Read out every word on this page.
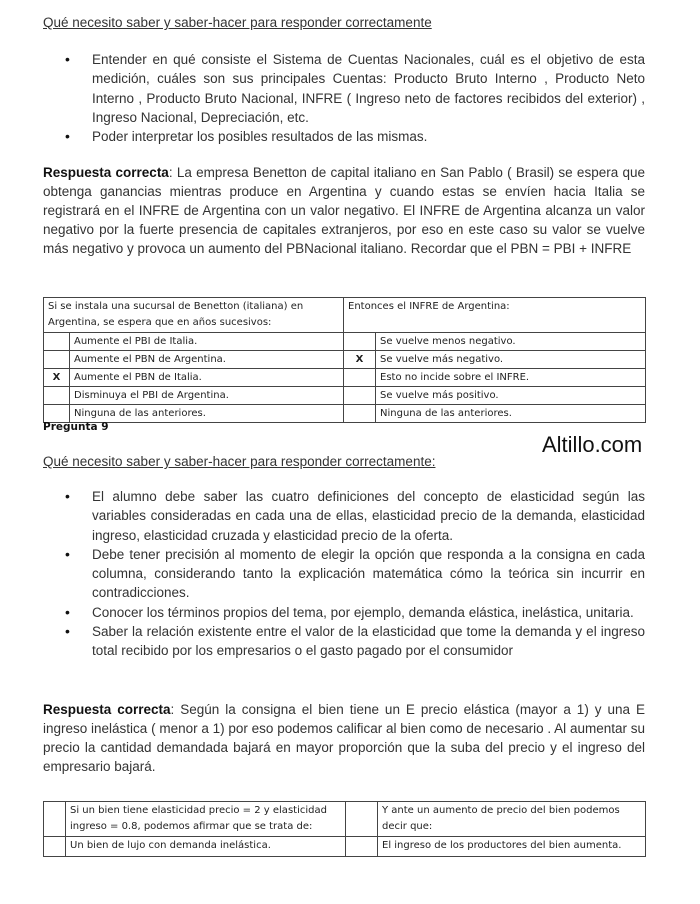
Qué necesito saber y saber-hacer para responder correctamente
• Entender en qué consiste el Sistema de Cuentas Nacionales, cuál es el objetivo de esta medición, cuáles son sus principales Cuentas: Producto Bruto Interno , Producto Neto Interno , Producto Bruto Nacional, INFRE ( Ingreso neto de factores recibidos del exterior) , Ingreso Nacional, Depreciación, etc.
• Poder interpretar los posibles resultados de las mismas.
Respuesta correcta: La empresa Benetton de capital italiano en San Pablo ( Brasil) se espera que obtenga ganancias mientras produce en Argentina y cuando estas se envíen hacia Italia se registrará en el INFRE de Argentina con un valor negativo. El INFRE de Argentina alcanza un valor negativo por la fuerte presencia de capitales extranjeros, por eso en este caso su valor se vuelve más negativo y provoca un aumento del PBNacional italiano. Recordar que el PBN = PBI + INFRE
Si se instala una sucursal de Benetton (italiana) en Argentina, se espera que en años sucesivos:		Entonces el INFRE de Argentina:	
	Aumente el PBI de Italia.		Se vuelve menos negativo.
	Aumente el PBN de Argentina.	X	Se vuelve más negativo.
X	Aumente el PBN de Italia.		Esto no incide sobre el INFRE.
	Disminuya el PBI de Argentina.		Se vuelve más positivo.
	Ninguna de las anteriores.		Ninguna de las anteriores.
Pregunta 9
Altillo.com
Qué necesito saber y saber-hacer para responder correctamente:
• El alumno debe saber las cuatro definiciones del concepto de elasticidad según las variables consideradas en cada una de ellas, elasticidad precio de la demanda, elasticidad ingreso, elasticidad cruzada y elasticidad precio de la oferta.
• Debe tener precisión al momento de elegir la opción que responda a la consigna en cada columna, considerando tanto la explicación matemática cómo la teórica sin incurrir en contradicciones.
• Conocer los términos propios del tema, por ejemplo, demanda elástica, inelástica, unitaria.
• Saber la relación existente entre el valor de la elasticidad que tome la demanda y el ingreso total recibido por los empresarios o el gasto pagado por el consumidor
Respuesta correcta: Según la consigna el bien tiene un E precio elástica (mayor a 1) y una E ingreso inelástica ( menor a 1) por eso podemos calificar al bien como de necesario . Al aumentar su precio la cantidad demandada bajará en mayor proporción que la suba del precio y el ingreso del empresario bajará.
	Si un bien tiene elasticidad precio = 2 y elasticidad ingreso = 0.8, podemos afirmar que se trata de:		Y ante un aumento de precio del bien podemos decir que:
	Un bien de lujo con demanda inelástica.		El ingreso de los productores del bien aumenta.
